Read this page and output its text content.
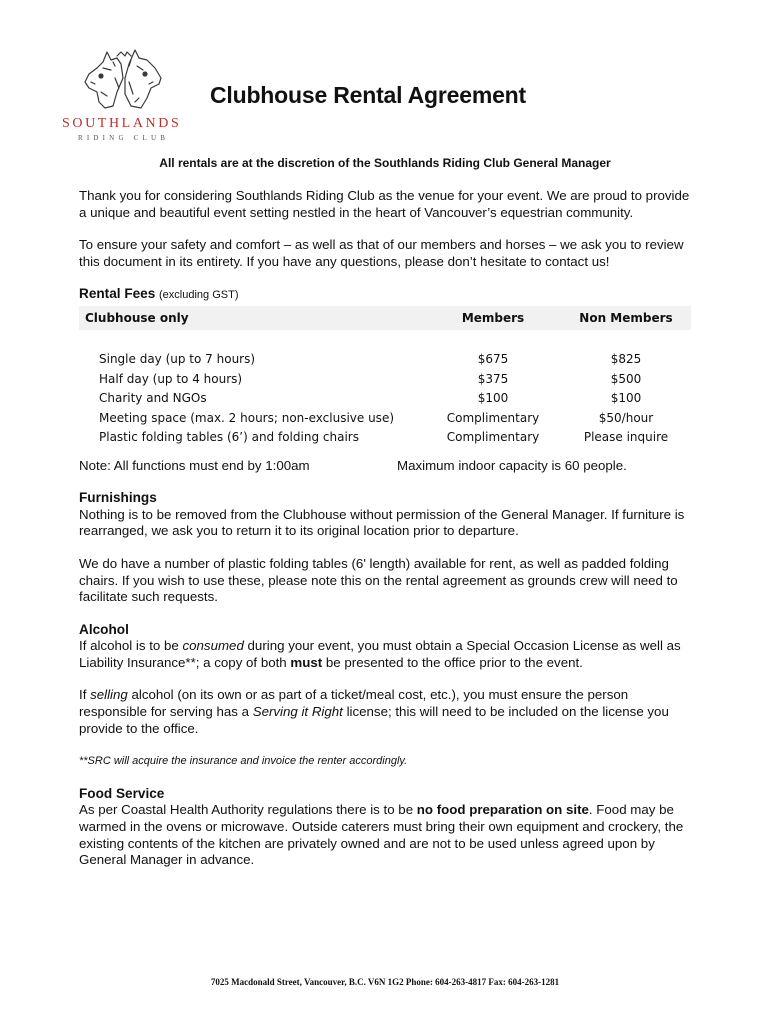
SOUTHLANDS
RIDING CLUB
Clubhouse Rental Agreement
All rentals are at the discretion of the Southlands Riding Club General Manager

Thank you for considering Southlands Riding Club as the venue for your event. We are proud to provide a unique and beautiful event setting nestled in the heart of Vancouver’s equestrian community.

To ensure your safety and comfort – as well as that of our members and horses – we ask you to review this document in its entirety. If you have any questions, please don’t hesitate to contact us!

Rental Fees (excluding GST)

Clubhouse only	Members	Non Members

Single day (up to 7 hours)	$675	$825
Half day (up to 4 hours)	$375	$500
Charity and NGOs	$100	$100
Meeting space (max. 2 hours; non-exclusive use)	Complimentary	$50/hour
Plastic folding tables (6’) and folding chairs	Complimentary	Please inquire
Note: All functions must end by 1:00am	Maximum indoor capacity is 60 people.

Furnishings

Nothing is to be removed from the Clubhouse without permission of the General Manager. If furniture is rearranged, we ask you to return it to its original location prior to departure.

We do have a number of plastic folding tables (6' length) available for rent, as well as padded folding chairs. If you wish to use these, please note this on the rental agreement as grounds crew will need to facilitate such requests.

Alcohol

If alcohol is to be consumed during your event, you must obtain a Special Occasion License as well as Liability Insurance**; a copy of both must be presented to the office prior to the event.

If selling alcohol (on its own or as part of a ticket/meal cost, etc.), you must ensure the person responsible for serving has a Serving it Right license; this will need to be included on the license you provide to the office.

**SRC will acquire the insurance and invoice the renter accordingly.

Food Service

As per Coastal Health Authority regulations there is to be no food preparation on site. Food may be warmed in the ovens or microwave. Outside caterers must bring their own equipment and crockery, the existing contents of the kitchen are privately owned and are not to be used unless agreed upon by General Manager in advance.

7025 Macdonald Street, Vancouver, B.C. V6N 1G2 Phone: 604-263-4817 Fax: 604-263-1281
